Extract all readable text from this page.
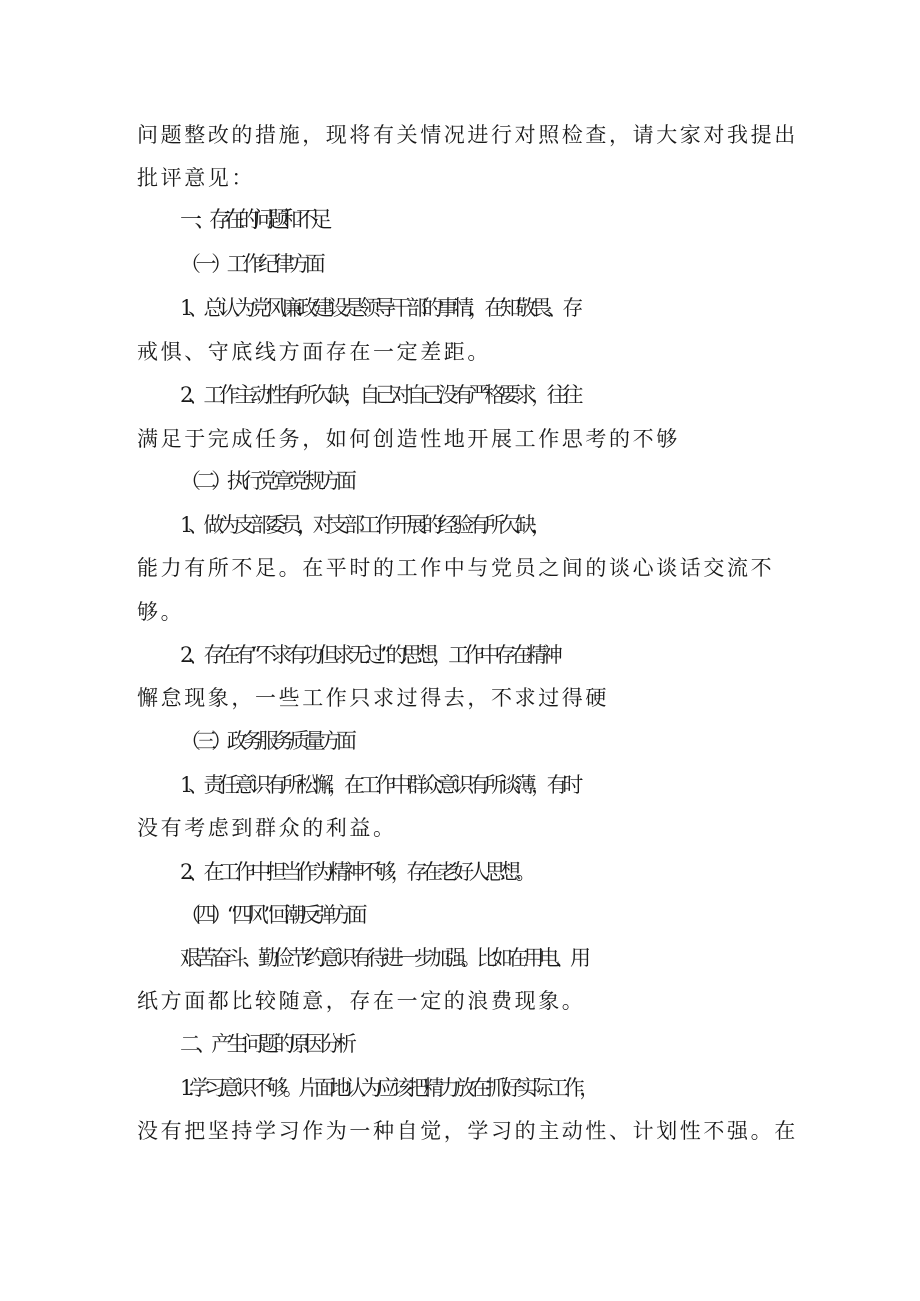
问题整改的措施，现将有关情况进行对照检查，请大家对我提出
批评意见：
一、存在的问题和不足
（一）工作纪律方面
1、总认为党风廉政建设是领导干部的事情，在知敬畏、存
戒惧、守底线方面存在一定差距。
2、工作主动性有所欠缺，自己对自己没有严格要求，往往
满足于完成任务，如何创造性地开展工作思考的不够
（二）执行党章党规方面
1、做为支部委员，对支部工作开展的经验有所欠缺，
能力有所不足。在平时的工作中与党员之间的谈心谈话交流不
够。
2、存在有“不求有功但求无过”的思想，工作中存在精神
懈怠现象，一些工作只求过得去，不求过得硬
（三）政务服务质量方面
1、责任意识有所松懈，在工作中群众意识有所谈薄，有时
没有考虑到群众的利益。
2、在工作中担当作为精神不够，存在老好人思想。
（四）“四风”回潮反弹方面
艰苦奋斗、勤俭节约意识有待进一步加强。比如在用电、用
纸方面都比较随意，存在一定的浪费现象。
二、产生问题的原因分析
1.学习意识不够。片面地认为应该把精力放在抓好实际工作，
没有把坚持学习作为一种自觉，学习的主动性、计划性不强。在
